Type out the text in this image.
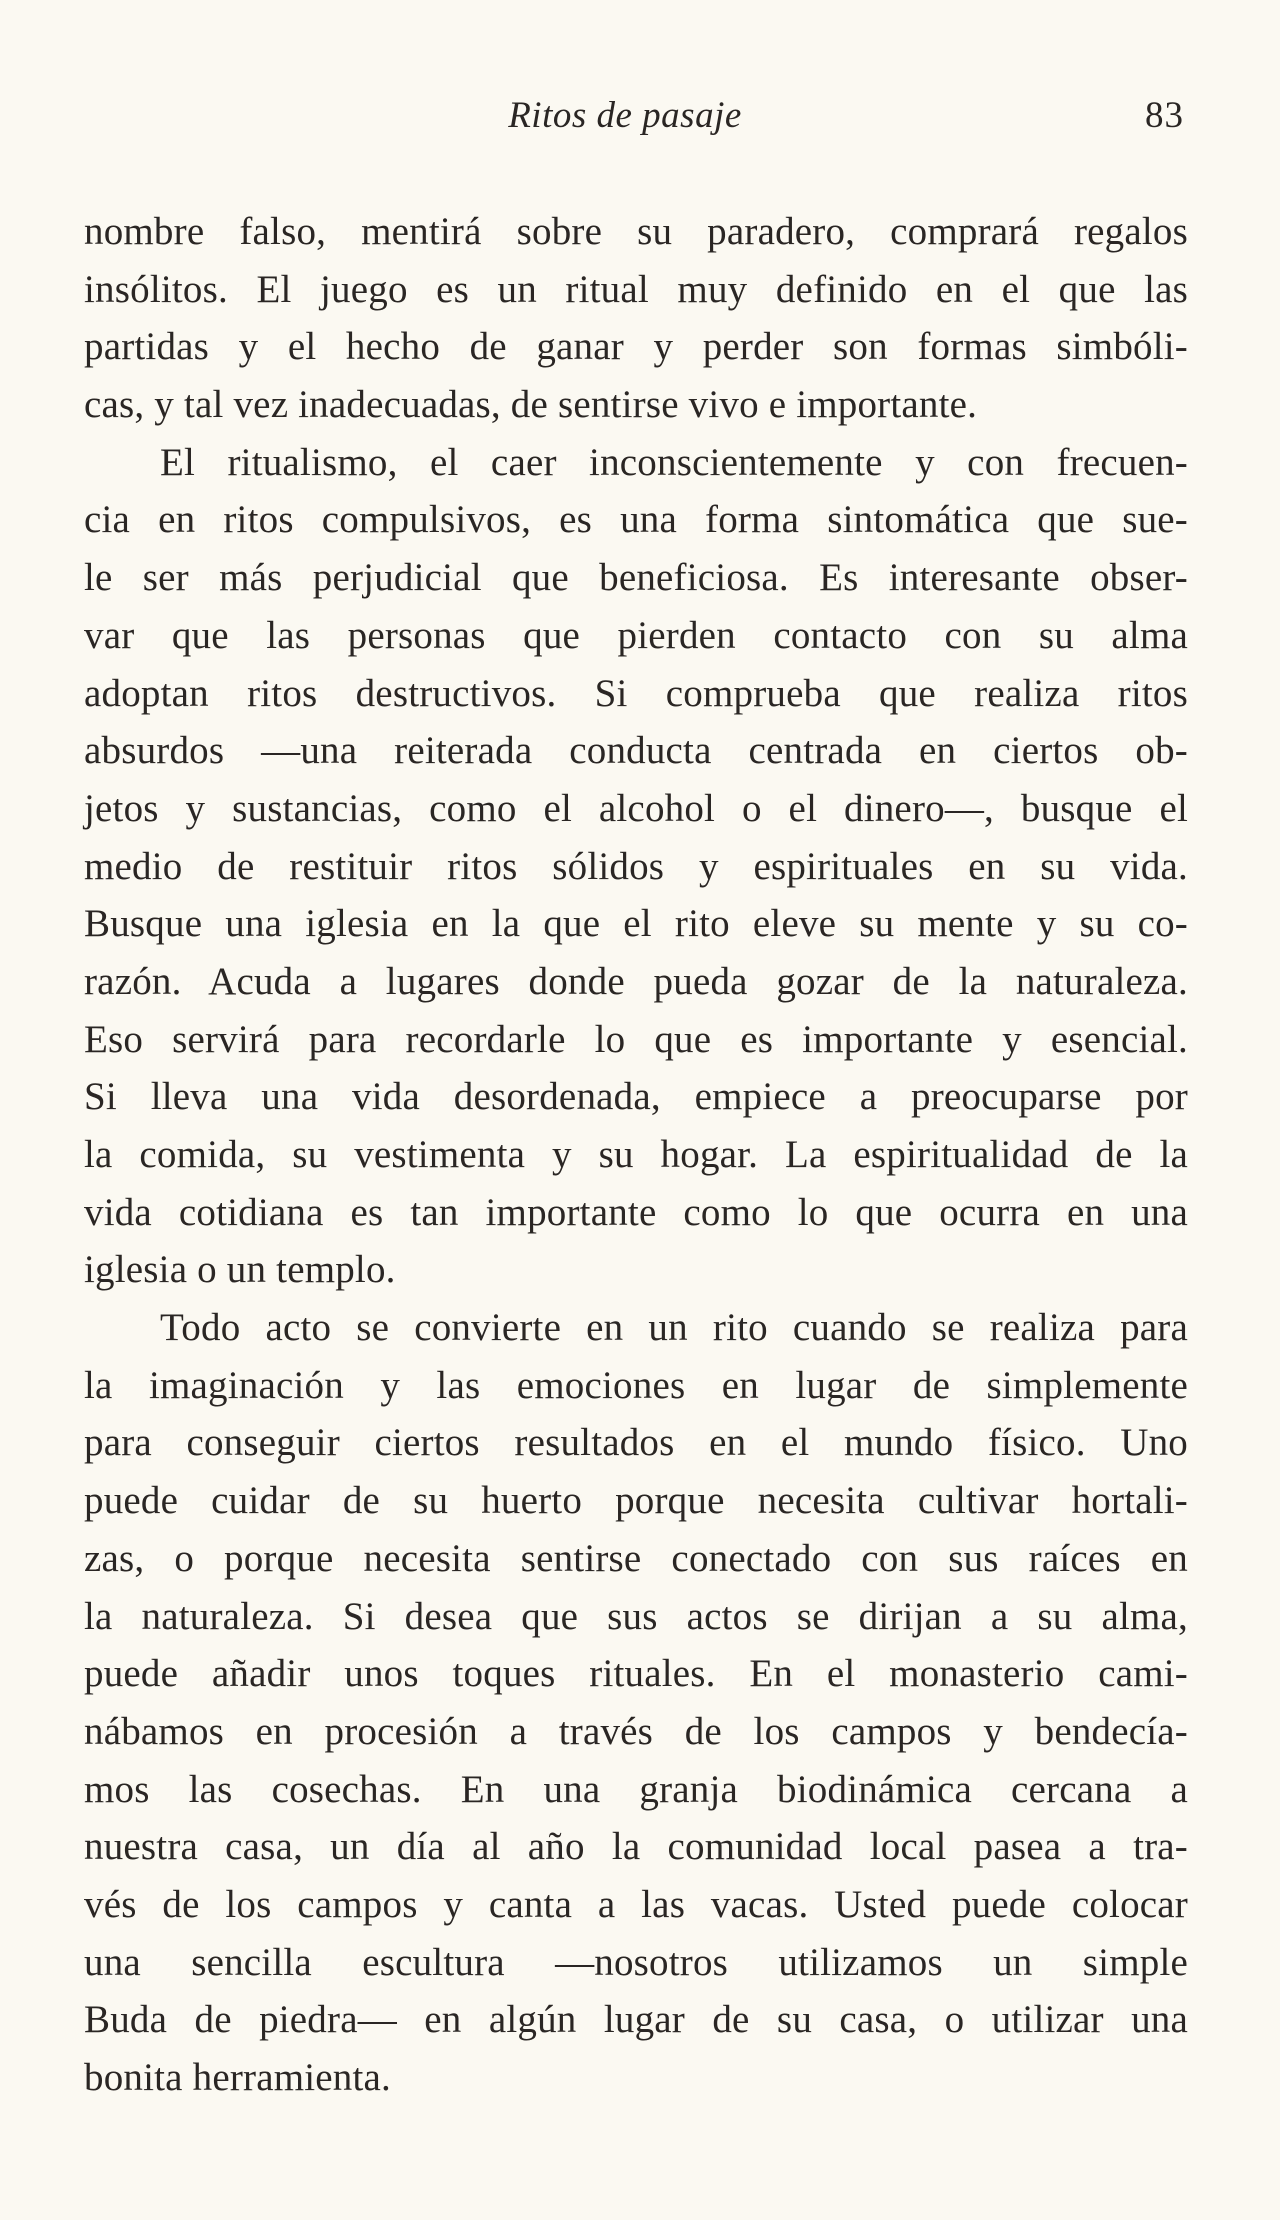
Ritos de pasaje	83
nombre falso, mentirá sobre su paradero, comprará regalos
insólitos. El juego es un ritual muy definido en el que las
partidas y el hecho de ganar y perder son formas simbóli-
cas, y tal vez inadecuadas, de sentirse vivo e importante.
El ritualismo, el caer inconscientemente y con frecuen-
cia en ritos compulsivos, es una forma sintomática que sue-
le ser más perjudicial que beneficiosa. Es interesante obser-
var que las personas que pierden contacto con su alma
adoptan ritos destructivos. Si comprueba que realiza ritos
absurdos —una reiterada conducta centrada en ciertos ob-
jetos y sustancias, como el alcohol o el dinero—, busque el
medio de restituir ritos sólidos y espirituales en su vida.
Busque una iglesia en la que el rito eleve su mente y su co-
razón. Acuda a lugares donde pueda gozar de la naturaleza.
Eso servirá para recordarle lo que es importante y esencial.
Si lleva una vida desordenada, empiece a preocuparse por
la comida, su vestimenta y su hogar. La espiritualidad de la
vida cotidiana es tan importante como lo que ocurra en una
iglesia o un templo.
Todo acto se convierte en un rito cuando se realiza para
la imaginación y las emociones en lugar de simplemente
para conseguir ciertos resultados en el mundo físico. Uno
puede cuidar de su huerto porque necesita cultivar hortali-
zas, o porque necesita sentirse conectado con sus raíces en
la naturaleza. Si desea que sus actos se dirijan a su alma,
puede añadir unos toques rituales. En el monasterio cami-
nábamos en procesión a través de los campos y bendecía-
mos las cosechas. En una granja biodinámica cercana a
nuestra casa, un día al año la comunidad local pasea a tra-
vés de los campos y canta a las vacas. Usted puede colocar
una sencilla escultura —nosotros utilizamos un simple
Buda de piedra— en algún lugar de su casa, o utilizar una
bonita herramienta.
